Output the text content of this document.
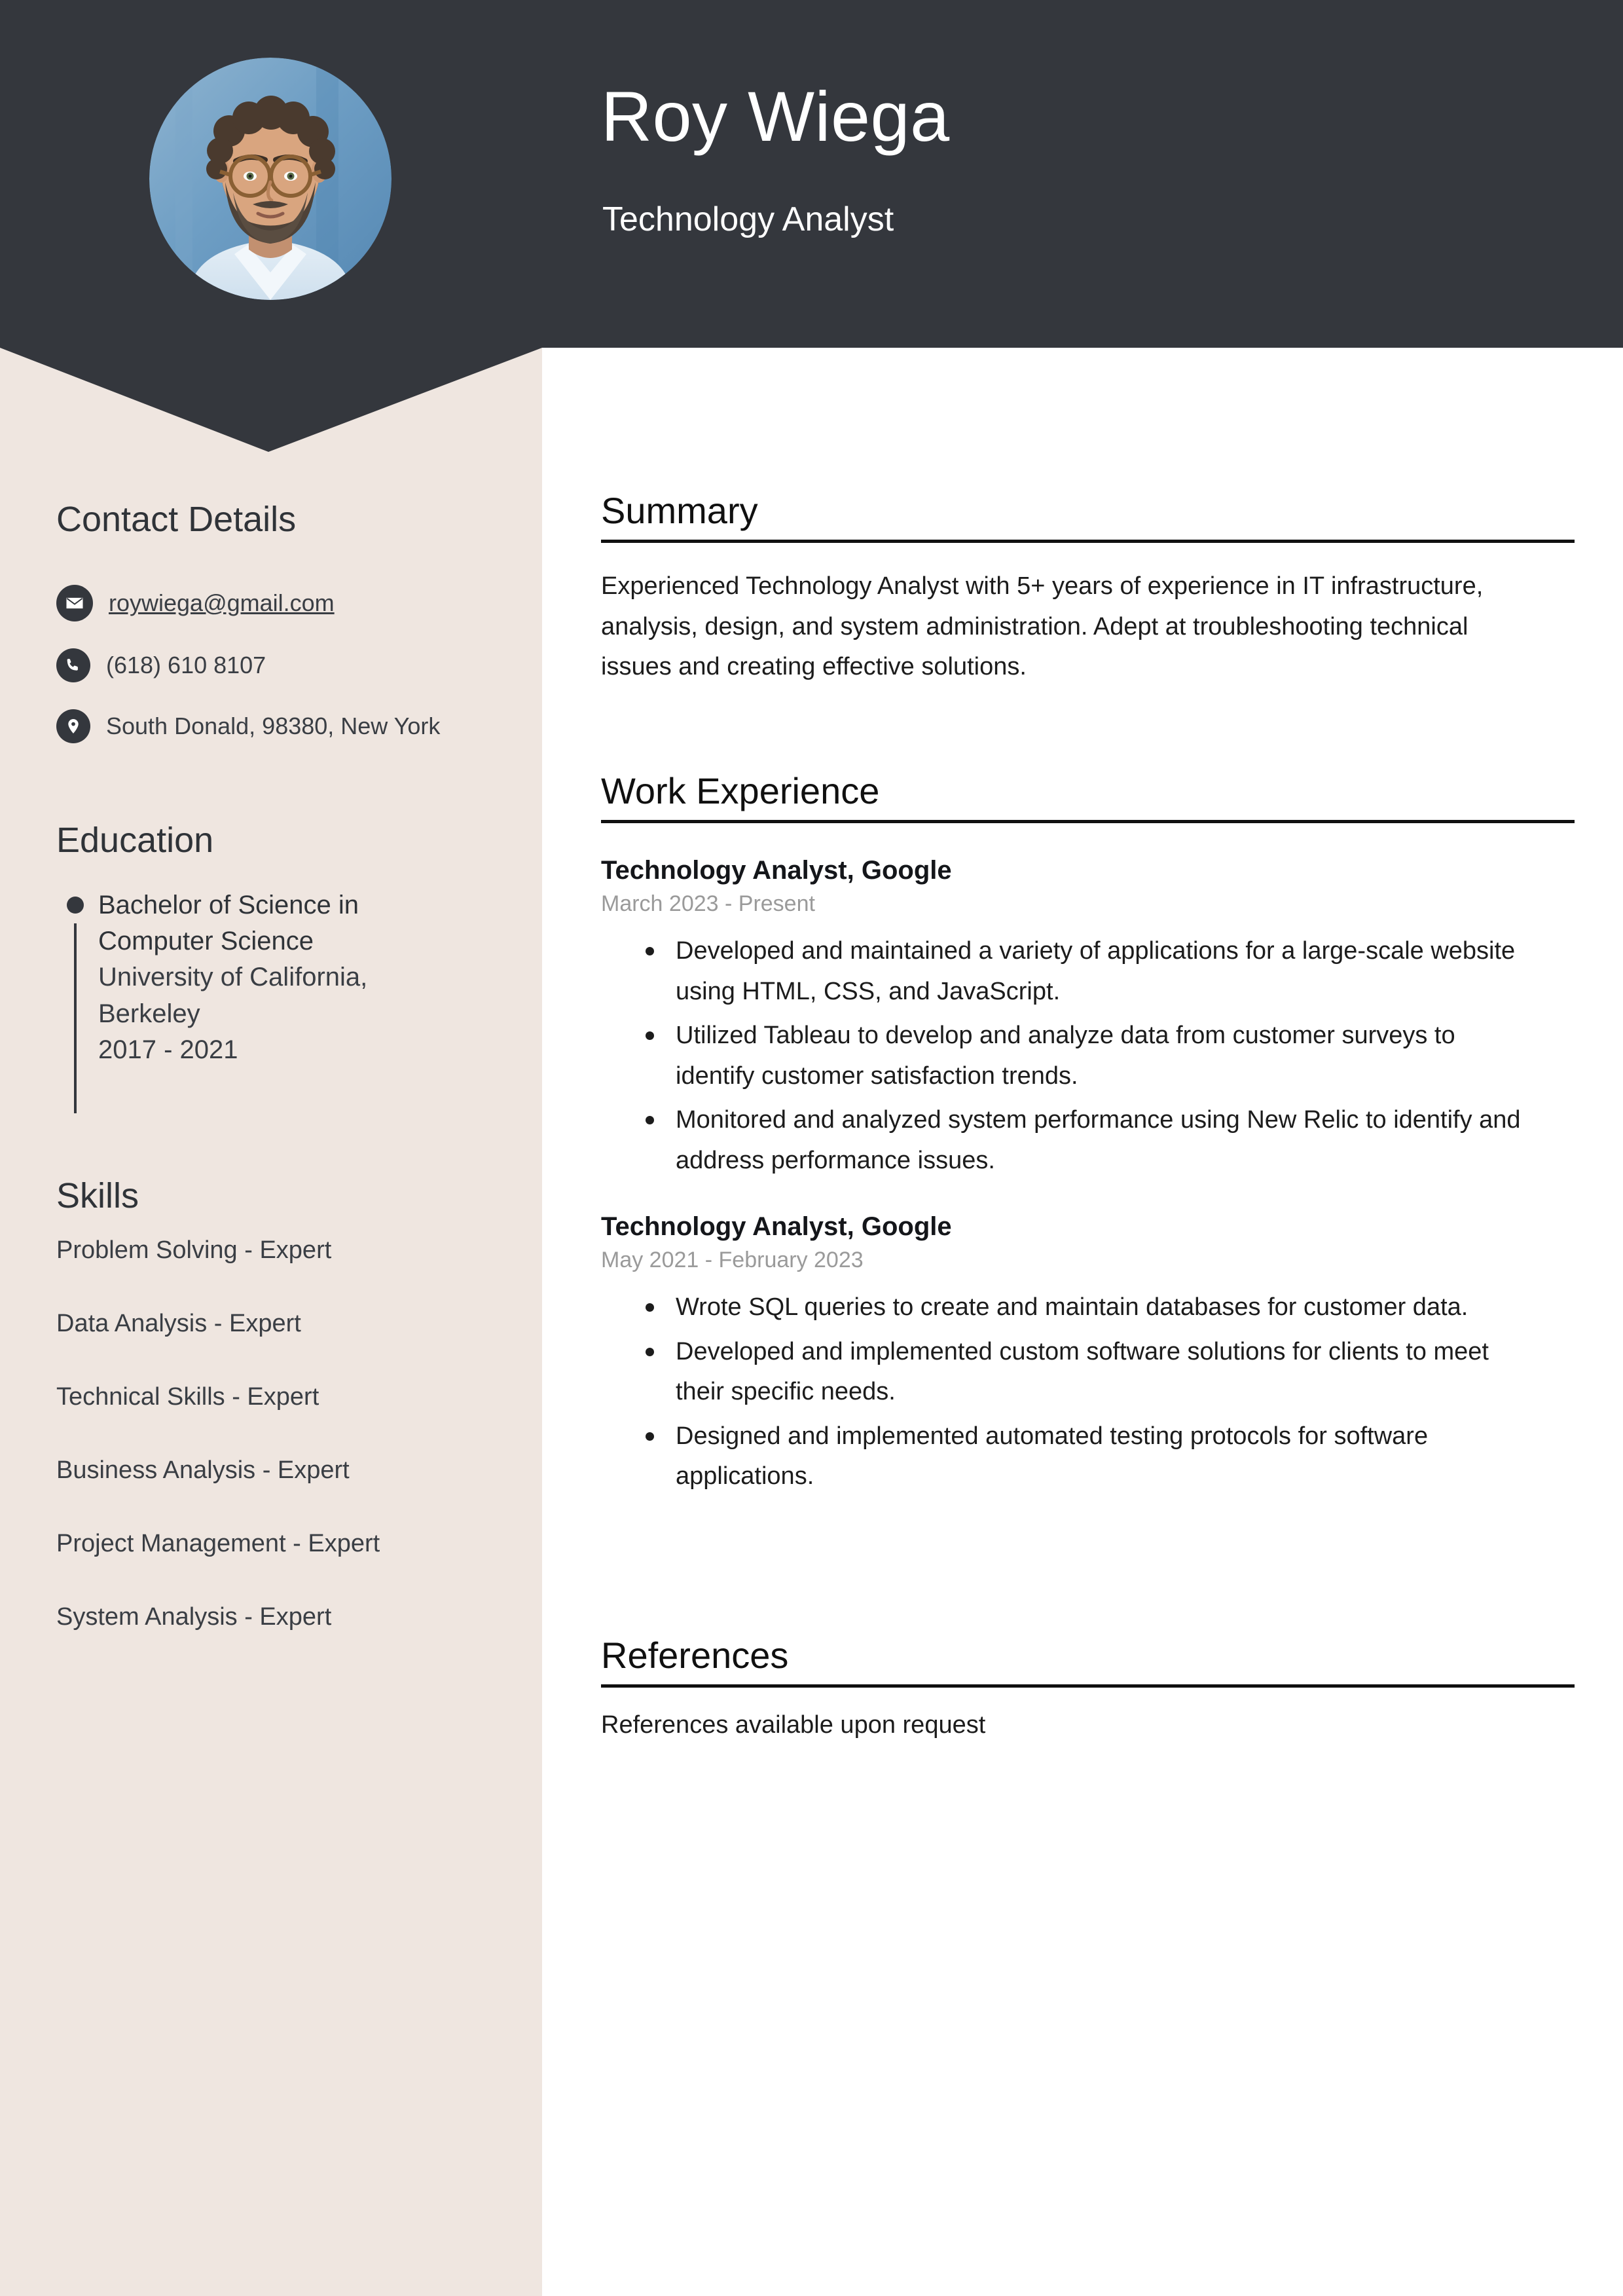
Roy Wiega
Technology Analyst
Contact Details
roywiega@gmail.com
(618) 610 8107
South Donald, 98380, New York
Education
Bachelor of Science in Computer Science
University of California, Berkeley
2017 - 2021
Skills
Problem Solving - Expert
Data Analysis - Expert
Technical Skills - Expert
Business Analysis - Expert
Project Management - Expert
System Analysis - Expert
Summary
Experienced Technology Analyst with 5+ years of experience in IT infrastructure, analysis, design, and system administration. Adept at troubleshooting technical issues and creating effective solutions.
Work Experience
Technology Analyst, Google
March 2023 - Present
Developed and maintained a variety of applications for a large-scale website using HTML, CSS, and JavaScript.
Utilized Tableau to develop and analyze data from customer surveys to identify customer satisfaction trends.
Monitored and analyzed system performance using New Relic to identify and address performance issues.
Technology Analyst, Google
May 2021 - February 2023
Wrote SQL queries to create and maintain databases for customer data.
Developed and implemented custom software solutions for clients to meet their specific needs.
Designed and implemented automated testing protocols for software applications.
References
References available upon request
